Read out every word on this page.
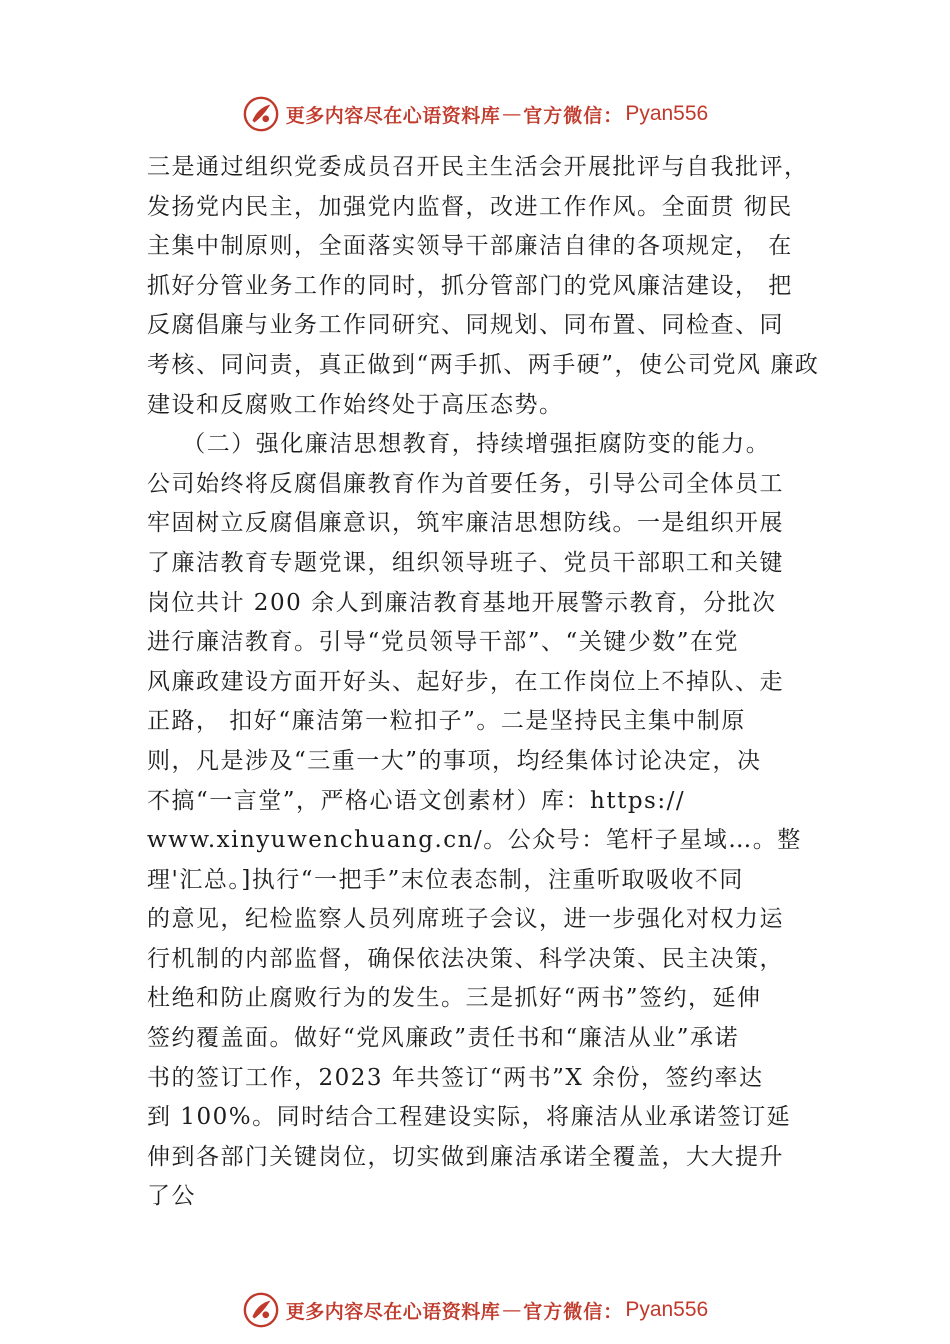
更多内容尽在心语资料库 — 官方微信： Pyan556
三是通过组织党委成员召开民主生活会开展批评与自我批评，
发扬党内民主，加强党内监督，改进工作作风。全面贯 彻民
主集中制原则，全面落实领导干部廉洁自律的各项规定， 在
抓好分管业务工作的同时，抓分管部门的党风廉洁建设， 把
反腐倡廉与业务工作同研究、同规划、同布置、同检查、同
考核、同问责，真正做到“两手抓、两手硬”，使公司党风 廉政
建设和反腐败工作始终处于高压态势。
（二）强化廉洁思想教育，持续增强拒腐防变的能力。
公司始终将反腐倡廉教育作为首要任务，引导公司全体员工
牢固树立反腐倡廉意识，筑牢廉洁思想防线。一是组织开展
了廉洁教育专题党课，组织领导班子、党员干部职工和关键
岗位共计 200 余人到廉洁教育基地开展警示教育，分批次
进行廉洁教育。引导“党员领导干部”、“关键少数”在党
风廉政建设方面开好头、起好步，在工作岗位上不掉队、走
正路， 扣好“廉洁第一粒扣子”。二是坚持民主集中制原
则，凡是涉及“三重一大”的事项，均经集体讨论决定，决
不搞“一言堂”，严格心语文创素材）库：https://
www.xinyuwenchuang.cn/。公众号：笔杆子星域…。整
理'汇总。]执行“一把手”末位表态制，注重听取吸收不同
的意见，纪检监察人员列席班子会议，进一步强化对权力运
行机制的内部监督，确保依法决策、科学决策、民主决策，
杜绝和防止腐败行为的发生。三是抓好“两书”签约，延伸
签约覆盖面。做好“党风廉政”责任书和“廉洁从业”承诺
书的签订工作，2023 年共签订“两书”X 余份，签约率达
到 100%。同时结合工程建设实际，将廉洁从业承诺签订延
伸到各部门关键岗位，切实做到廉洁承诺全覆盖，大大提升
了公
更多内容尽在心语资料库 — 官方微信： Pyan556
